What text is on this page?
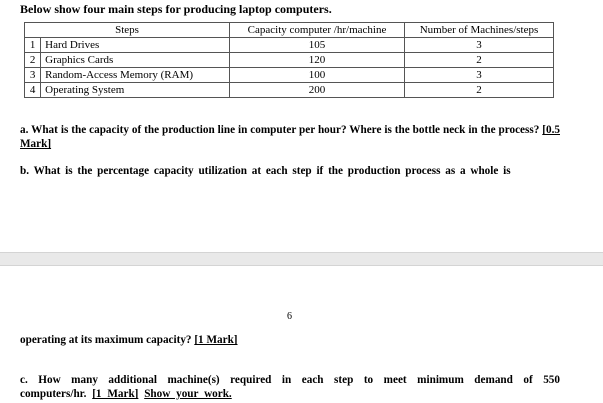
Below show four main steps for producing laptop computers.
Steps		Capacity computer /hr/machine	Number of Machines/steps
1	Hard Drives	105	3
2	Graphics Cards	120	2
3	Random-Access Memory (RAM)	100	3
4	Operating System	200	2
a. What is the capacity of the production line in computer per hour? Where is the bottle neck in the process? [0.5 Mark]
b. What is the percentage capacity utilization at each step if the production process as a whole is
6
operating at its maximum capacity? [1 Mark]
c. How many additional machine(s) required in each step to meet minimum demand of 550 computers/hr. [1 Mark] Show your work.
